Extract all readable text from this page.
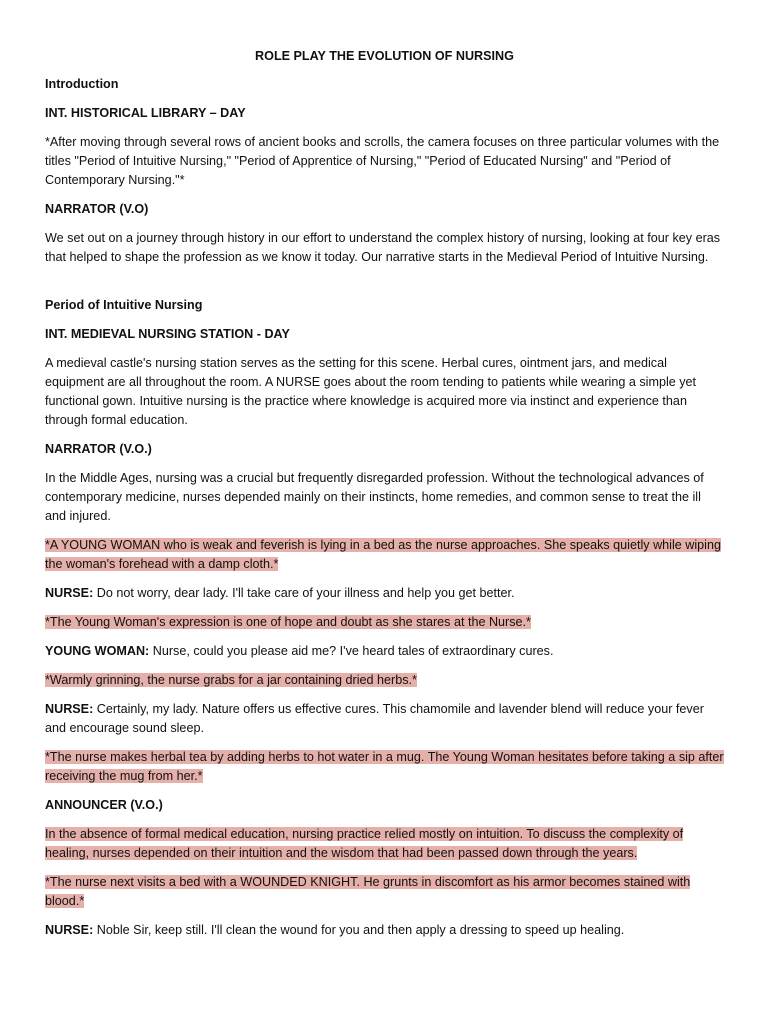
ROLE PLAY THE EVOLUTION OF NURSING

Introduction

INT. HISTORICAL LIBRARY – DAY

*After moving through several rows of ancient books and scrolls, the camera focuses on three particular volumes with the titles "Period of Intuitive Nursing," "Period of Apprentice of Nursing," "Period of Educated Nursing" and "Period of Contemporary Nursing."*

NARRATOR (V.O)

We set out on a journey through history in our effort to understand the complex history of nursing, looking at four key eras that helped to shape the profession as we know it today. Our narrative starts in the Medieval Period of Intuitive Nursing.

Period of Intuitive Nursing

INT. MEDIEVAL NURSING STATION - DAY

A medieval castle's nursing station serves as the setting for this scene. Herbal cures, ointment jars, and medical equipment are all throughout the room. A NURSE goes about the room tending to patients while wearing a simple yet functional gown. Intuitive nursing is the practice where knowledge is acquired more via instinct and experience than through formal education.

NARRATOR (V.O.)

In the Middle Ages, nursing was a crucial but frequently disregarded profession. Without the technological advances of contemporary medicine, nurses depended mainly on their instincts, home remedies, and common sense to treat the ill and injured.

*A YOUNG WOMAN who is weak and feverish is lying in a bed as the nurse approaches. She speaks quietly while wiping the woman's forehead with a damp cloth.*

NURSE: Do not worry, dear lady. I'll take care of your illness and help you get better.

*The Young Woman's expression is one of hope and doubt as she stares at the Nurse.*

YOUNG WOMAN: Nurse, could you please aid me? I've heard tales of extraordinary cures.

*Warmly grinning, the nurse grabs for a jar containing dried herbs.*

NURSE: Certainly, my lady. Nature offers us effective cures. This chamomile and lavender blend will reduce your fever and encourage sound sleep.

*The nurse makes herbal tea by adding herbs to hot water in a mug. The Young Woman hesitates before taking a sip after receiving the mug from her.*

ANNOUNCER (V.O.)

In the absence of formal medical education, nursing practice relied mostly on intuition. To discuss the complexity of healing, nurses depended on their intuition and the wisdom that had been passed down through the years.

*The nurse next visits a bed with a WOUNDED KNIGHT. He grunts in discomfort as his armor becomes stained with blood.*

NURSE: Noble Sir, keep still. I'll clean the wound for you and then apply a dressing to speed up healing.
